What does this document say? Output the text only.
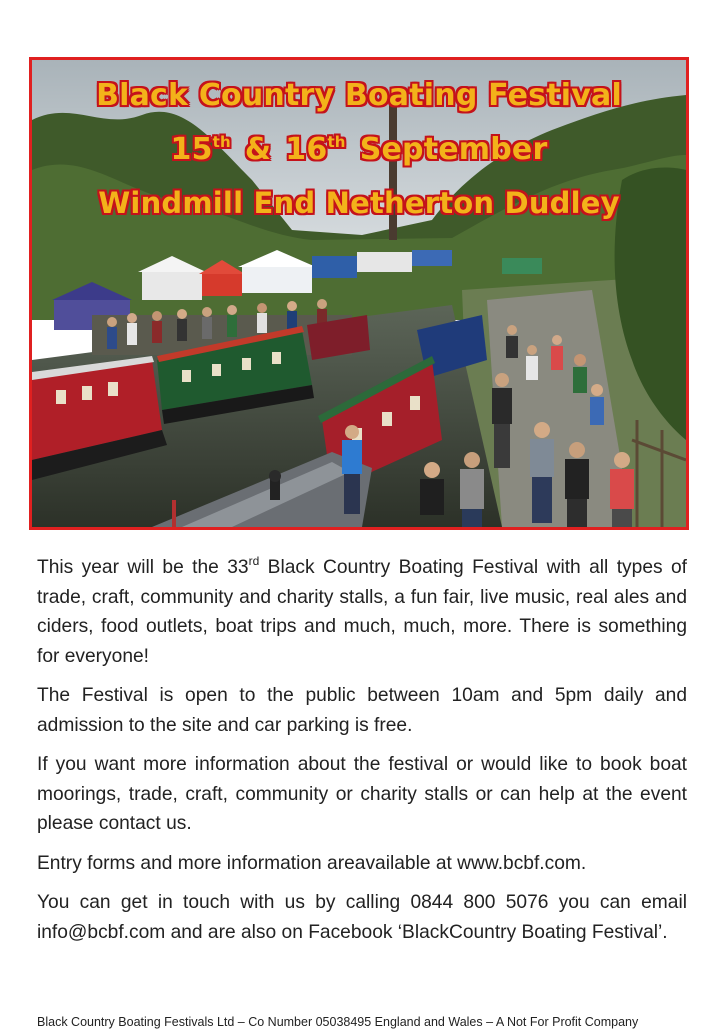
Black Country Boating Festival
15th & 16th September
Windmill End Netherton Dudley

This year will be the 33rd Black Country Boating Festival with all types of trade, craft, community and charity stalls, a fun fair, live music, real ales and ciders, food outlets, boat trips and much, much, more. There is something for everyone!

The Festival is open to the public between 10am and 5pm daily and admission to the site and car parking is free.

If you want more information about the festival or would like to book boat moorings, trade, craft, community or charity stalls or can help at the event please contact us.

Entry forms and more information areavailable at www.bcbf.com.

You can get in touch with us by calling 0844 800 5076 you can email info@bcbf.com and are also on Facebook ‘BlackCountry Boating Festival’.

Black Country Boating Festivals Ltd – Co Number 05038495 England and Wales – A Not For Profit Company
